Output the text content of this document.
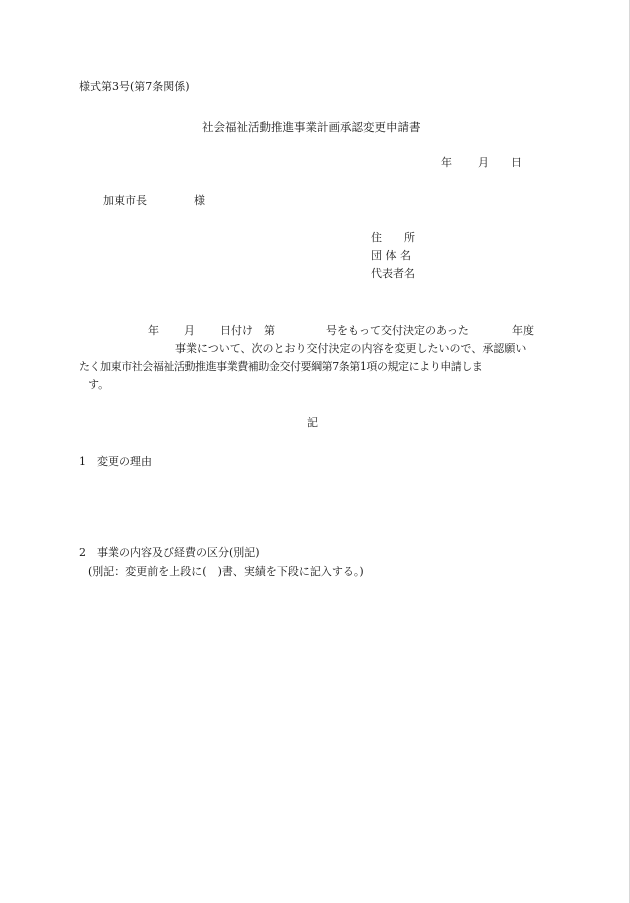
様式第3号(第7条関係)
社会福祉活動推進事業計画承認変更申請書
年 月 日
加東市長	様
住　　所
団 体 名
代表者名
年 月 日付け　第	号をもって交付決定のあった	年度
事業について、次のとおり交付決定の内容を変更したいので、承認願い
たく加東市社会福祉活動推進事業費補助金交付要綱第7条第1項の規定により申請しま
す。
記
1　変更の理由
2　事業の内容及び経費の区分(別記)
(別記：変更前を上段に(　)書、実績を下段に記入する。)
